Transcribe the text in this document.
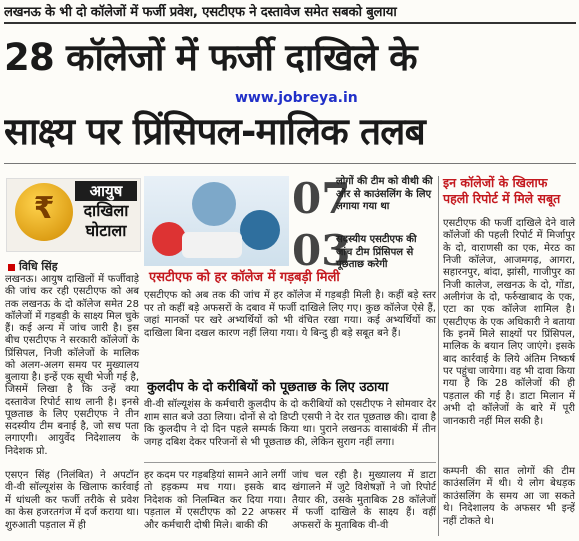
लखनऊ के भी दो कॉलेजों में फर्जी प्रवेश, एसटीएफ ने दस्तावेज समेत सबको बुलाया
28 कॉलेजों में फर्जी दाखिले के
www.jobreya.in
साक्ष्य पर प्रिंसिपल-मालिक तलब
₹	आयुष
दाखिला
घोटाला
विधि सिंह
लखनऊ। आयुष दाखिलों में फर्जीवाड़े की जांच कर रही एसटीएफ को अब तक लखनऊ के दो कॉलेज समेत 28 कॉलेजों में गड़बड़ी के साक्ष्य मिल चुके हैं। कई अन्य में जांच जारी है। इस बीच एसटीएफ ने सरकारी कॉलेजों के प्रिंसिपल, निजी कॉलेजों के मालिक को अलग-अलग समय पर मुख्यालय बुलाया है। इन्हें एक सूची भेजी गई है, जिसमें लिखा है कि उन्हें क्या दस्तावेज रिपोर्ट साथ लानी है। इनसे पूछताछ के लिए एसटीएफ ने तीन सदस्यीय टीम बनाई है, जो सच पता लगाएगी। आयुर्वेद निदेशालय के निदेशक प्रो.
एसएन सिंह (निलंबित) ने अपटॉन वी-वी सॉल्यूशंस के खिलाफ कार्रवाई में धांधली कर फर्जी तरीके से प्रवेश का केस हजरतगंज में दर्ज कराया था। शुरुआती पड़ताल में ही
07
लोगों की टीम को वीथी की ओर से काउंसलिंग के लिए लगाया गया था
03
सदस्यीय एसटीएफ की जांच टीम प्रिंसिपल से पूछताछ करेगी
एसटीएफ को हर कॉलेज में गड़बड़ी मिली
एसटीएफ को अब तक की जांच में हर कॉलेज में गड़बड़ी मिली है। कहीं बड़े स्तर पर तो कहीं बड़े अफसरों के दबाव में फर्जी दाखिले लिए गए। कुछ कॉलेज ऐसे हैं, जहां मानकों पर खरे अभ्यर्थियों को भी वंचित रखा गया। कई अभ्यर्थियों का दाखिला बिना दखल कारण नहीं लिया गया। ये बिन्दु ही बड़े सबूत बने हैं।
कुलदीप के दो करीबियों को पूछताछ के लिए उठाया
वी-वी सॉल्यूशंस के कर्मचारी कुलदीप के दो करीबियों को एसटीएफ ने सोमवार देर शाम सात बजे उठा लिया। दोनों से दो डिप्टी एसपी ने देर रात पूछताछ की। दावा है कि कुलदीप ने दो दिन पहले सम्पर्क किया था। पुराने लखनऊ वासाबंकी में तीन जगह दबिश देकर परिजनों से भी पूछताछ की, लेकिन सुराग नहीं लगा।
हर कदम पर गड़बड़ियां सामने आने लगीं तो हड़कम्प मच गया। इसके बाद निदेशक को निलम्बित कर दिया गया। पड़ताल में एसटीएफ को 22 अफसर और कर्मचारी दोषी मिले। बाकी की
जांच चल रही है। मुख्यालय में डाटा खंगालने में जुटे विशेषज्ञों ने जो रिपोर्ट तैयार की, उसके मुताबिक 28 कॉलेजों में फर्जी दाखिले के साक्ष्य हैं। वहीं अफसरों के मुताबिक वी-वी
इन कॉलेजों के खिलाफ पहली रिपोर्ट में मिले सबूत
एसटीएफ की फर्जी दाखिले देने वाले कॉलेजों की पहली रिपोर्ट में मिर्जापुर के दो, वाराणसी का एक, मेरठ का निजी कॉलेज, आजमगढ़, आगरा, सहारनपुर, बांदा, झांसी, गाजीपुर का निजी कालेज, लखनऊ के दो, गोंडा, अलीगंज के दो, फर्रुखाबाद के एक, एटा का एक कॉलेज शामिल है। एसटीएफ के एक अधिकारी ने बताया कि इनमें मिले साक्ष्यों पर प्रिंसिपल, मालिक के बयान लिए जाएंगे। इसके बाद कार्रवाई के लिये अंतिम निष्कर्ष पर पहुंचा जायेगा। वह भी दावा किया गया है कि 28 कॉलेजों की ही पड़ताल की गई है। डाटा मिलान में अभी दो कॉलेजों के बारे में पूरी जानकारी नहीं मिल सकी है।
कम्पनी की सात लोगों की टीम काउंसलिंग में थी। ये लोग बेधड़क काउंसलिंग के समय आ जा सकते थे। निदेशालय के अफसर भी इन्हें नहीं टोकते थे।
